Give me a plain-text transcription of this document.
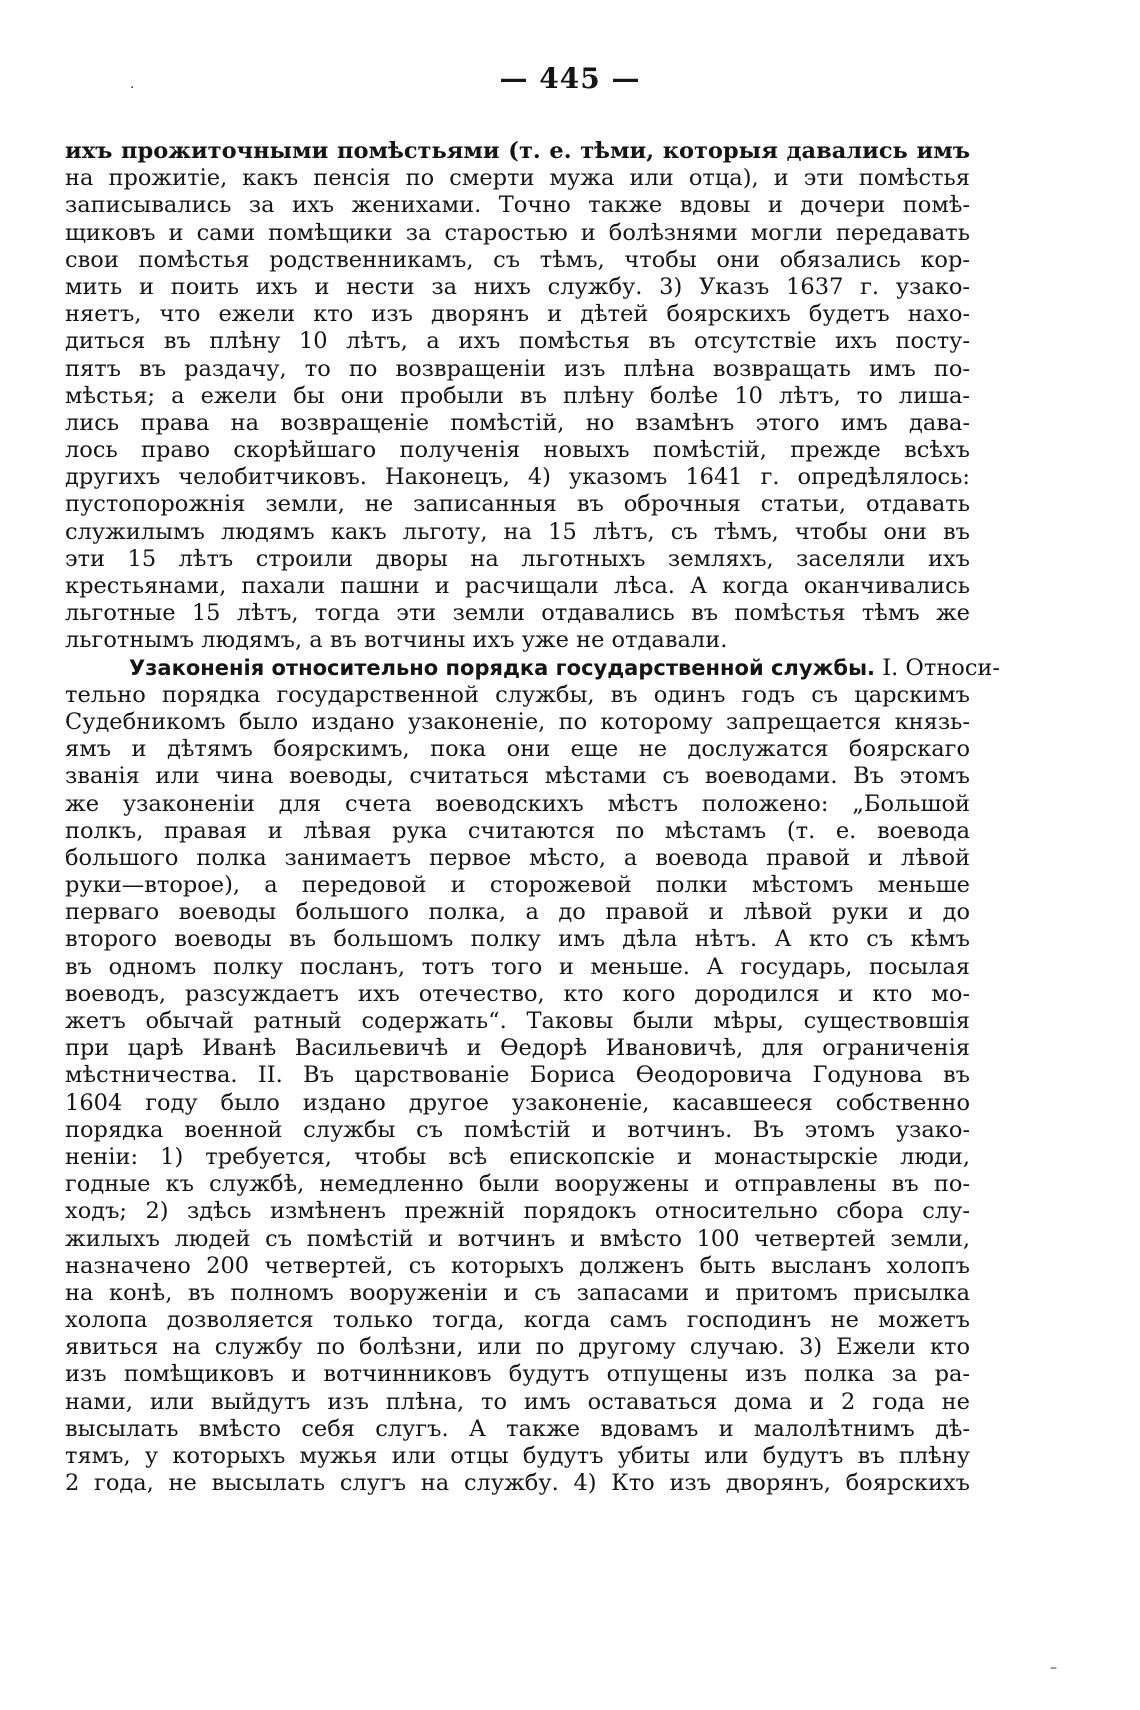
— 445 —
ихъ прожиточными помѣстьями (т. е. тѣми, которыя давались имъ
на прожитіе, какъ пенсія по смерти мужа или отца), и эти помѣстья
записывались за ихъ женихами. Точно также вдовы и дочери помѣ-
щиковъ и сами помѣщики за старостью и болѣзнями могли передавать
свои помѣстья родственникамъ, съ тѣмъ, чтобы они обязались кор-
мить и поить ихъ и нести за нихъ службу. 3) Указъ 1637 г. узако-
няетъ, что ежели кто изъ дворянъ и дѣтей боярскихъ будетъ нахо-
диться въ плѣну 10 лѣтъ, а ихъ помѣстья въ отсутствіе ихъ посту-
пятъ въ раздачу, то по возвращеніи изъ плѣна возвращать имъ по-
мѣстья; а ежели бы они пробыли въ плѣну болѣе 10 лѣтъ, то лиша-
лись права на возвращеніе помѣстій, но взамѣнъ этого имъ дава-
лось право скорѣйшаго полученія новыхъ помѣстій, прежде всѣхъ
другихъ челобитчиковъ. Наконецъ, 4) указомъ 1641 г. опредѣлялось:
пустопорожнія земли, не записанныя въ оброчныя статьи, отдавать
служилымъ людямъ какъ льготу, на 15 лѣтъ, съ тѣмъ, чтобы они въ
эти 15 лѣтъ строили дворы на льготныхъ земляхъ, заселяли ихъ
крестьянами, пахали пашни и расчищали лѣса. А когда оканчивались
льготные 15 лѣтъ, тогда эти земли отдавались въ помѣстья тѣмъ же
льготнымъ людямъ, а въ вотчины ихъ уже не отдавали.
Узаконенія относительно порядка государственной службы. I. Относи-
тельно порядка государственной службы, въ одинъ годъ съ царскимъ
Судебникомъ было издано узаконеніе, по которому запрещается князь-
ямъ и дѣтямъ боярскимъ, пока они еще не дослужатся боярскаго
званія или чина воеводы, считаться мѣстами съ воеводами. Въ этомъ
же узаконеніи для счета воеводскихъ мѣстъ положено: „Большой
полкъ, правая и лѣвая рука считаются по мѣстамъ (т. е. воевода
большого полка занимаетъ первое мѣсто, а воевода правой и лѣвой
руки—второе), а передовой и сторожевой полки мѣстомъ меньше
перваго воеводы большого полка, а до правой и лѣвой руки и до
второго воеводы въ большомъ полку имъ дѣла нѣтъ. А кто съ кѣмъ
въ одномъ полку посланъ, тотъ того и меньше. А государь, посылая
воеводъ, разсуждаетъ ихъ отечество, кто кого дородился и кто мо-
жетъ обычай ратный содержать“. Таковы были мѣры, существовшія
при царѣ Иванѣ Васильевичѣ и Ѳедорѣ Ивановичѣ, для ограниченія
мѣстничества. II. Въ царствованіе Бориса Ѳеодоровича Годунова въ
1604 году было издано другое узаконеніе, касавшееся собственно
порядка военной службы съ помѣстій и вотчинъ. Въ этомъ узако-
неніи: 1) требуется, чтобы всѣ епископскіе и монастырскіе люди,
годные къ службѣ, немедленно были вооружены и отправлены въ по-
ходъ; 2) здѣсь измѣненъ прежній порядокъ относительно сбора слу-
жилыхъ людей съ помѣстій и вотчинъ и вмѣсто 100 четвертей земли,
назначено 200 четвертей, съ которыхъ долженъ быть высланъ холопъ
на конѣ, въ полномъ вооруженіи и съ запасами и притомъ присылка
холопа дозволяется только тогда, когда самъ господинъ не можетъ
явиться на службу по болѣзни, или по другому случаю. 3) Ежели кто
изъ помѣщиковъ и вотчинниковъ будутъ отпущены изъ полка за ра-
нами, или выйдутъ изъ плѣна, то имъ оставаться дома и 2 года не
высылать вмѣсто себя слугъ. А также вдовамъ и малолѣтнимъ дѣ-
тямъ, у которыхъ мужья или отцы будутъ убиты или будутъ въ плѣну
2 года, не высылать слугъ на службу. 4) Кто изъ дворянъ, боярскихъ
·
–
